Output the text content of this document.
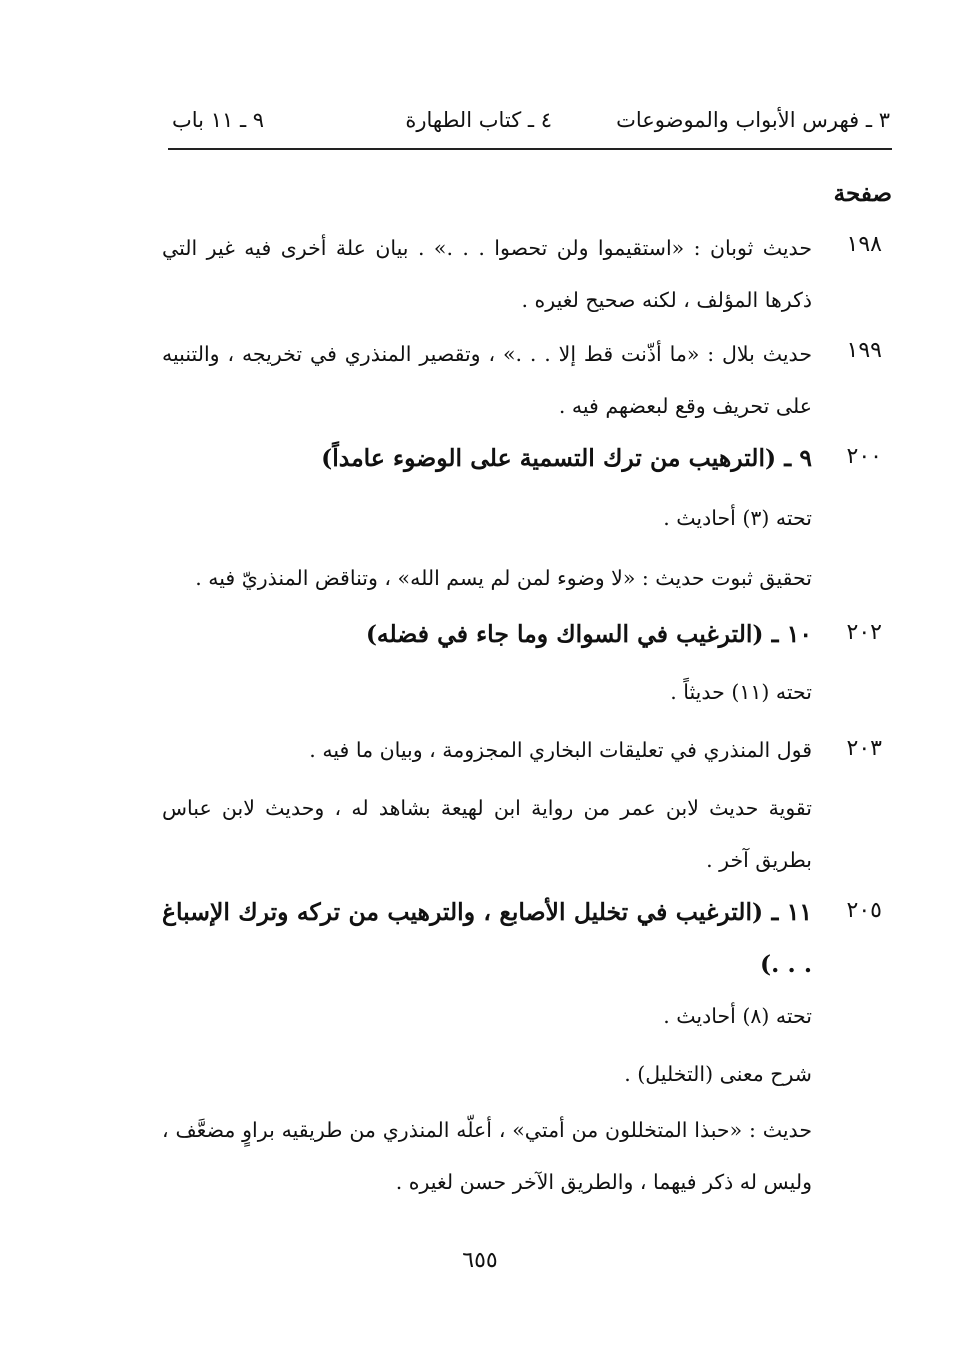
٣ ـ فهرس الأبواب والموضوعات
٤ ـ كتاب الطهارة
٩ ـ ١١ باب
صفحة
١٩٨
حديث ثوبان : «استقيموا ولن تحصوا . . .» . بيان علة أخرى فيه غير التي ذكرها المؤلف ، لكنه صحيح لغيره .
١٩٩
حديث بلال : «ما أذّنت قط إلا . . .» ، وتقصير المنذري في تخريجه ، والتنبيه على تحريف وقع لبعضهم فيه .
٢٠٠
٩ ـ (الترهيب من ترك التسمية على الوضوء عامداً)
تحته (٣) أحاديث .
تحقيق ثبوت حديث : «لا وضوء لمن لم يسم الله» ، وتناقض المنذريّ فيه .
٢٠٢
١٠ ـ (الترغيب في السواك وما جاء في فضله)
تحته (١١) حديثاً .
٢٠٣
قول المنذري في تعليقات البخاري المجزومة ، وبيان ما فيه .
تقوية حديث لابن عمر من رواية ابن لهيعة بشاهد له ، وحديث لابن عباس بطريق آخر .
٢٠٥
١١ ـ (الترغيب في تخليل الأصابع ، والترهيب من تركه وترك الإسباغ . . .)
تحته (٨) أحاديث .
شرح معنى (التخليل) .
حديث : «حبذا المتخللون من أمتي» ، أعلّه المنذري من طريقيه براوٍ مضعَّف ، وليس له ذكر فيهما ، والطريق الآخر حسن لغيره .
٦٥٥
